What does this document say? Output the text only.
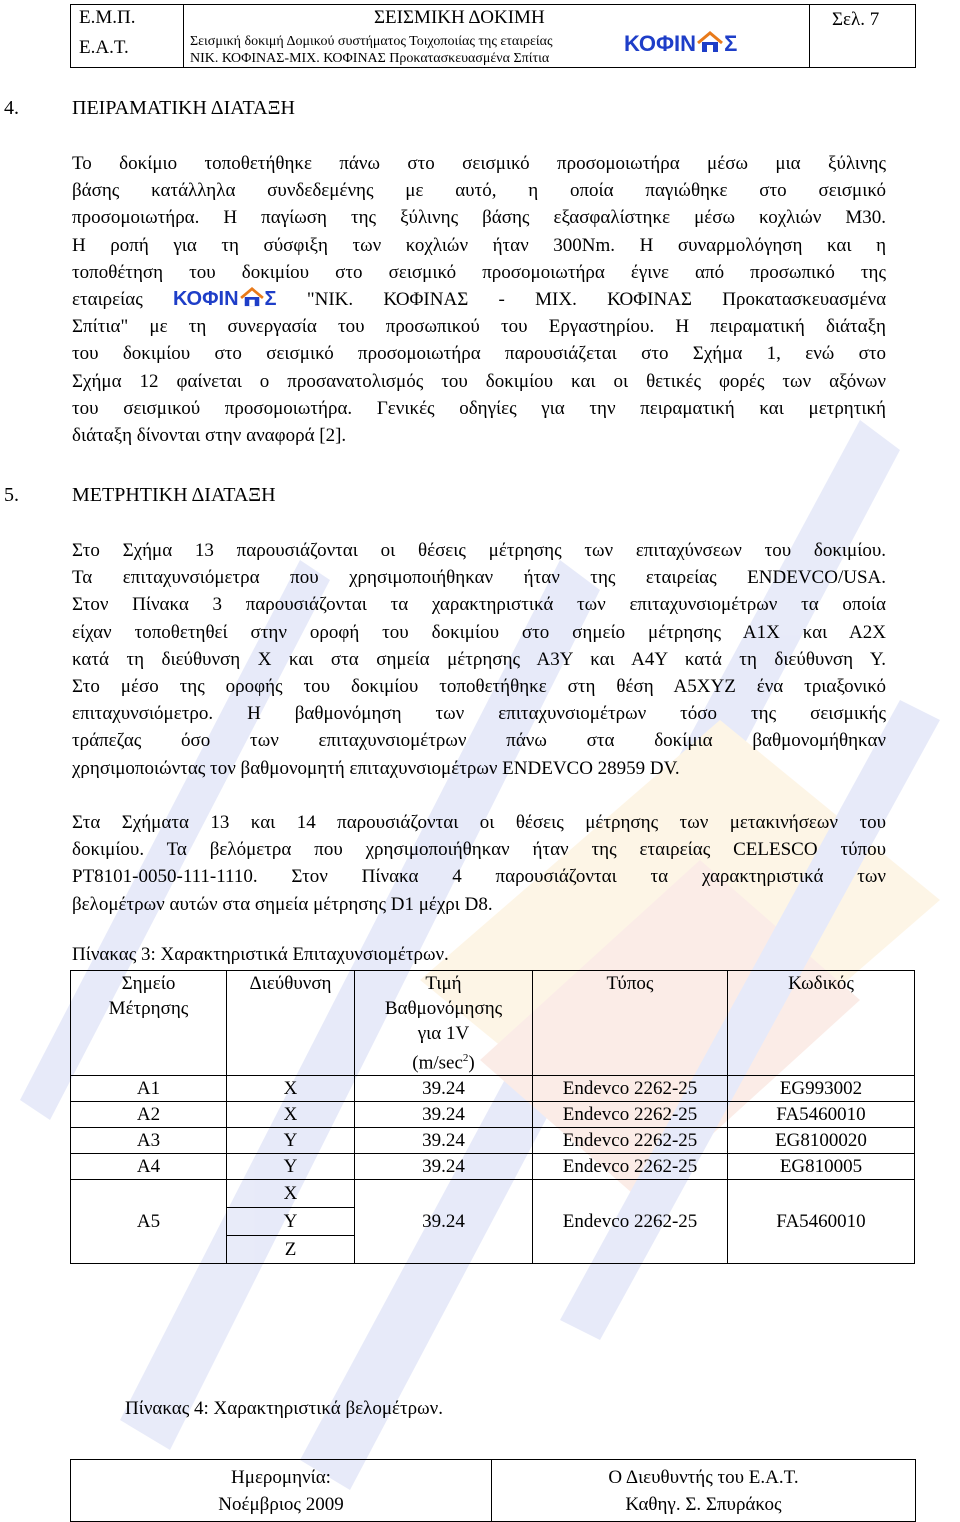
Ε.Μ.Π.
Ε.Α.Τ.
ΣΕΙΣΜΙΚΗ ΔΟΚΙΜΗ
Σεισμική δοκιμή Δομικού συστήματος Τοιχοποιίας της εταιρείας
ΝΙΚ. ΚΟΦΙΝΑΣ-ΜΙΧ. ΚΟΦΙΝΑΣ Προκατασκευασμένα Σπίτια
ΚΟΦΙΝ Σ
Σελ. 7
4.	ΠΕΙΡΑΜΑΤΙΚΗ ΔΙΑΤΑΞΗ
Το δοκίμιο τοποθετήθηκε πάνω στο σεισμικό προσομοιωτήρα μέσω μια ξύλινης
βάσης κατάλληλα συνδεδεμένης με αυτό, η οποία παγιώθηκε στο σεισμικό
προσομοιωτήρα. Η παγίωση της ξύλινης βάσης εξασφαλίστηκε μέσω κοχλιών Μ30.
Η ροπή για τη σύσφιξη των κοχλιών ήταν 300Nm. Η συναρμολόγηση και η
τοποθέτηση του δοκιμίου στο σεισμικό προσομοιωτήρα έγινε από προσωπικό της
εταιρείας ΚΟΦΙΝ Σ "ΝΙΚ. ΚΟΦΙΝΑΣ - ΜΙΧ. ΚΟΦΙΝΑΣ Προκατασκευασμένα
Σπίτια" με τη συνεργασία του προσωπικού του Εργαστηρίου. Η πειραματική διάταξη
του δοκιμίου στο σεισμικό προσομοιωτήρα παρουσιάζεται στο Σχήμα 1, ενώ στο
Σχήμα 12 φαίνεται ο προσανατολισμός του δοκιμίου και οι θετικές φορές των αξόνων
του σεισμικού προσομοιωτήρα. Γενικές οδηγίες για την πειραματική και μετρητική
διάταξη δίνονται στην αναφορά [2].
5.	ΜΕΤΡΗΤΙΚΗ ΔΙΑΤΑΞΗ
Στο Σχήμα 13 παρουσιάζονται οι θέσεις μέτρησης των επιταχύνσεων του δοκιμίου.
Τα επιταχυνσιόμετρα που χρησιμοποιήθηκαν ήταν της εταιρείας ENDEVCO/USA.
Στον Πίνακα 3 παρουσιάζονται τα χαρακτηριστικά των επιταχυνσιομέτρων τα οποία
είχαν τοποθετηθεί στην οροφή του δοκιμίου στο σημείο μέτρησης Α1Χ και Α2Χ
κατά τη διεύθυνση Χ και στα σημεία μέτρησης Α3Υ και Α4Υ κατά τη διεύθυνση Υ.
Στο μέσο της οροφής του δοκιμίου τοποθετήθηκε στη θέση Α5ΧΥΖ ένα τριαξονικό
επιταχυνσιόμετρο. Η βαθμονόμηση των επιταχυνσιομέτρων τόσο της σεισμικής
τράπεζας όσο των επιταχυνσιομέτρων πάνω στα δοκίμια βαθμονομήθηκαν
χρησιμοποιώντας τον βαθμονομητή επιταχυνσιομέτρων ENDEVCO 28959 DV.
Στα Σχήματα 13 και 14 παρουσιάζονται οι θέσεις μέτρησης των μετακινήσεων του
δοκιμίου. Τα βελόμετρα που χρησιμοποιήθηκαν ήταν της εταιρείας CELESCO τύπου
PT8101-0050-111-1110. Στον Πίνακα 4 παρουσιάζονται τα χαρακτηριστικά των
βελομέτρων αυτών στα σημεία μέτρησης D1 μέχρι D8.
Πίνακας 3: Χαρακτηριστικά Επιταχυνσιομέτρων.
Σημείο
Μέτρησης	Διεύθυνση	Τιμή
Βαθμονόμησης
για 1V
$(m/\sec^2)$	Τύπος	Κωδικός
A1	X	39.24	Endevco 2262-25	EG993002
A2	X	39.24	Endevco 2262-25	FA5460010
A3	Y	39.24	Endevco 2262-25	EG8100020
A4	Y	39.24	Endevco 2262-25	EG810005
A5	X	39.24	Endevco 2262-25	FA5460010
	Y			
	Z			
Πίνακας 4: Χαρακτηριστικά βελομέτρων.
Ημερομηνία:
Νοέμβριος 2009
Ο Διευθυντής του Ε.Α.Τ.
Καθηγ. Σ. Σπυράκος
